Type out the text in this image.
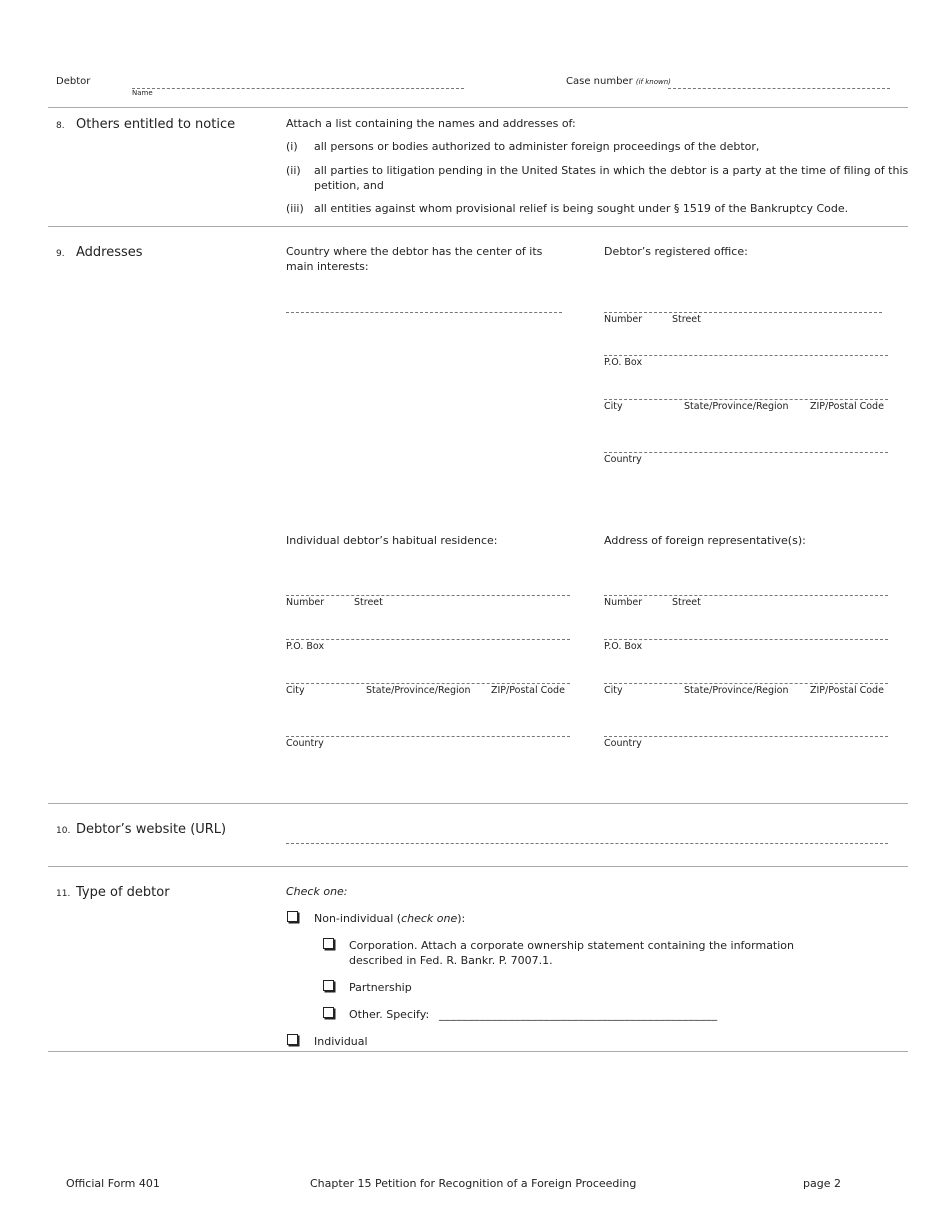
Debtor
Name
Case number (if known)
8. Others entitled to notice	Attach a list containing the names and addresses of:
(i) all persons or bodies authorized to administer foreign proceedings of the debtor,
(ii) all parties to litigation pending in the United States in which the debtor is a party at the time of filing of this
petition, and
(iii) all entities against whom provisional relief is being sought under § 1519 of the Bankruptcy Code.
9. Addresses	Country where the debtor has the center of its
main interests:
Debtor’s registered office:
Number	Street
P.O. Box
City	State/Province/Region ZIP/Postal Code
Country
Individual debtor’s habitual residence:
Number	Street
P.O. Box
City	State/Province/Region ZIP/Postal Code
Country
Address of foreign representative(s):
Number	Street
P.O. Box
City	State/Province/Region ZIP/Postal Code
Country
10. Debtor’s website (URL)
11. Type of debtor	Check one:
Non-individual (check one):
Corporation. Attach a corporate ownership statement containing the information
described in Fed. R. Bankr. P. 7007.1.
Partnership
Other. Specify: ________________________________________________
Individual
Official Form 401	Chapter 15 Petition for Recognition of a Foreign Proceeding	page 2
